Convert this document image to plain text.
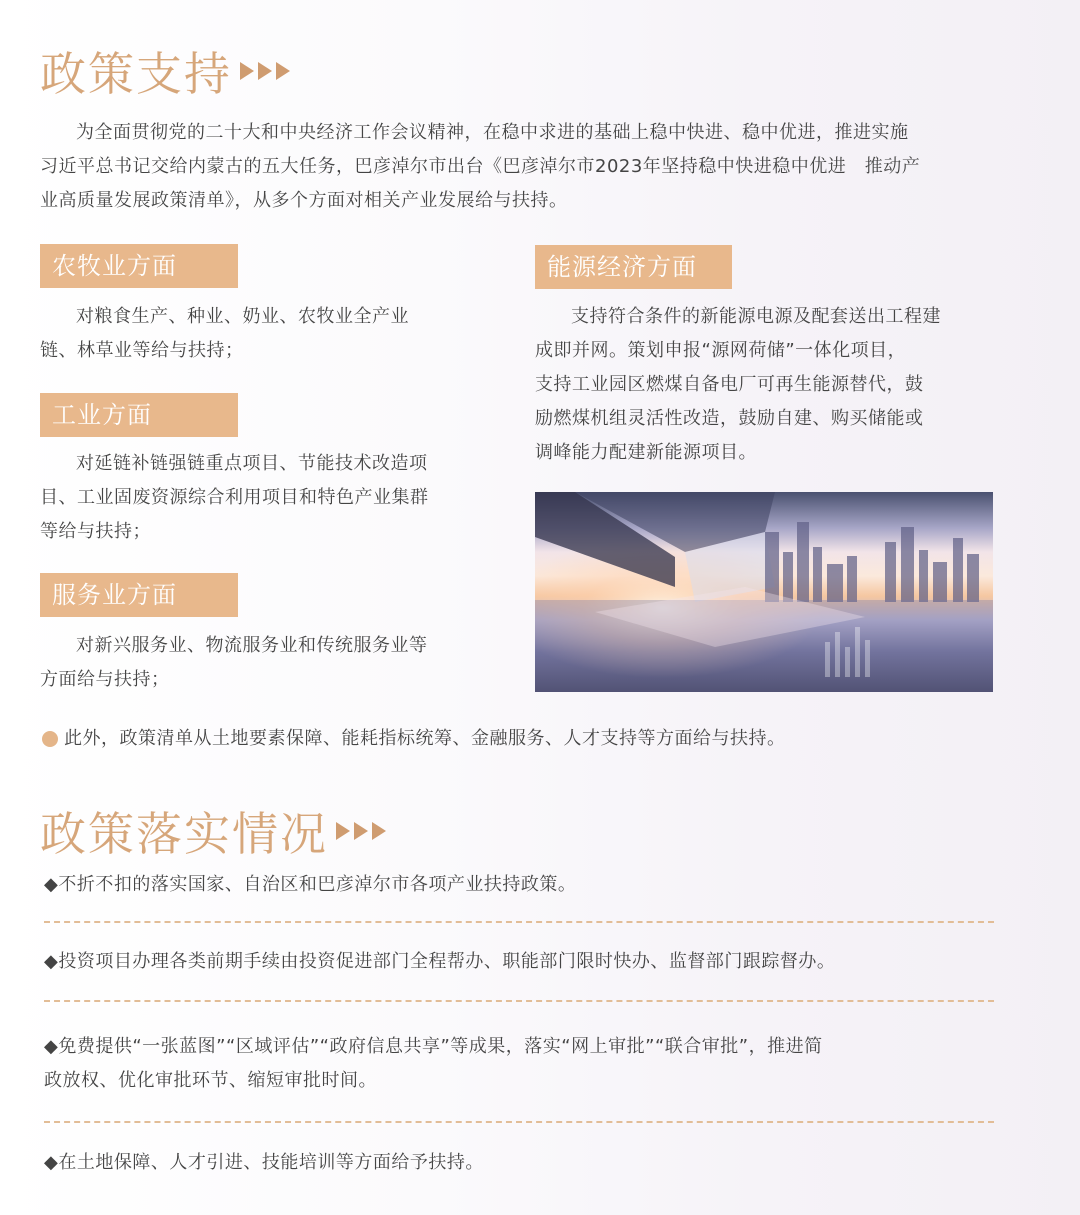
政策支持
为全面贯彻党的二十大和中央经济工作会议精神，在稳中求进的基础上稳中快进、稳中优进，推进实施
习近平总书记交给内蒙古的五大任务，巴彦淖尔市出台《巴彦淖尔市2023年坚持稳中快进稳中优进　推动产
业高质量发展政策清单》，从多个方面对相关产业发展给与扶持。
农牧业方面
对粮食生产、种业、奶业、农牧业全产业
链、林草业等给与扶持；
工业方面
对延链补链强链重点项目、节能技术改造项
目、工业固废资源综合利用项目和特色产业集群
等给与扶持；
服务业方面
对新兴服务业、物流服务业和传统服务业等
方面给与扶持；
能源经济方面
支持符合条件的新能源电源及配套送出工程建
成即并网。策划申报“源网荷储”一体化项目，
支持工业园区燃煤自备电厂可再生能源替代，鼓
励燃煤机组灵活性改造，鼓励自建、购买储能或
调峰能力配建新能源项目。
此外，政策清单从土地要素保障、能耗指标统筹、金融服务、人才支持等方面给与扶持。
政策落实情况
◆不折不扣的落实国家、自治区和巴彦淖尔市各项产业扶持政策。
◆投资项目办理各类前期手续由投资促进部门全程帮办、职能部门限时快办、监督部门跟踪督办。
◆免费提供“一张蓝图”“区域评估”“政府信息共享”等成果，落实“网上审批”“联合审批”，推进简
政放权、优化审批环节、缩短审批时间。
◆在土地保障、人才引进、技能培训等方面给予扶持。
